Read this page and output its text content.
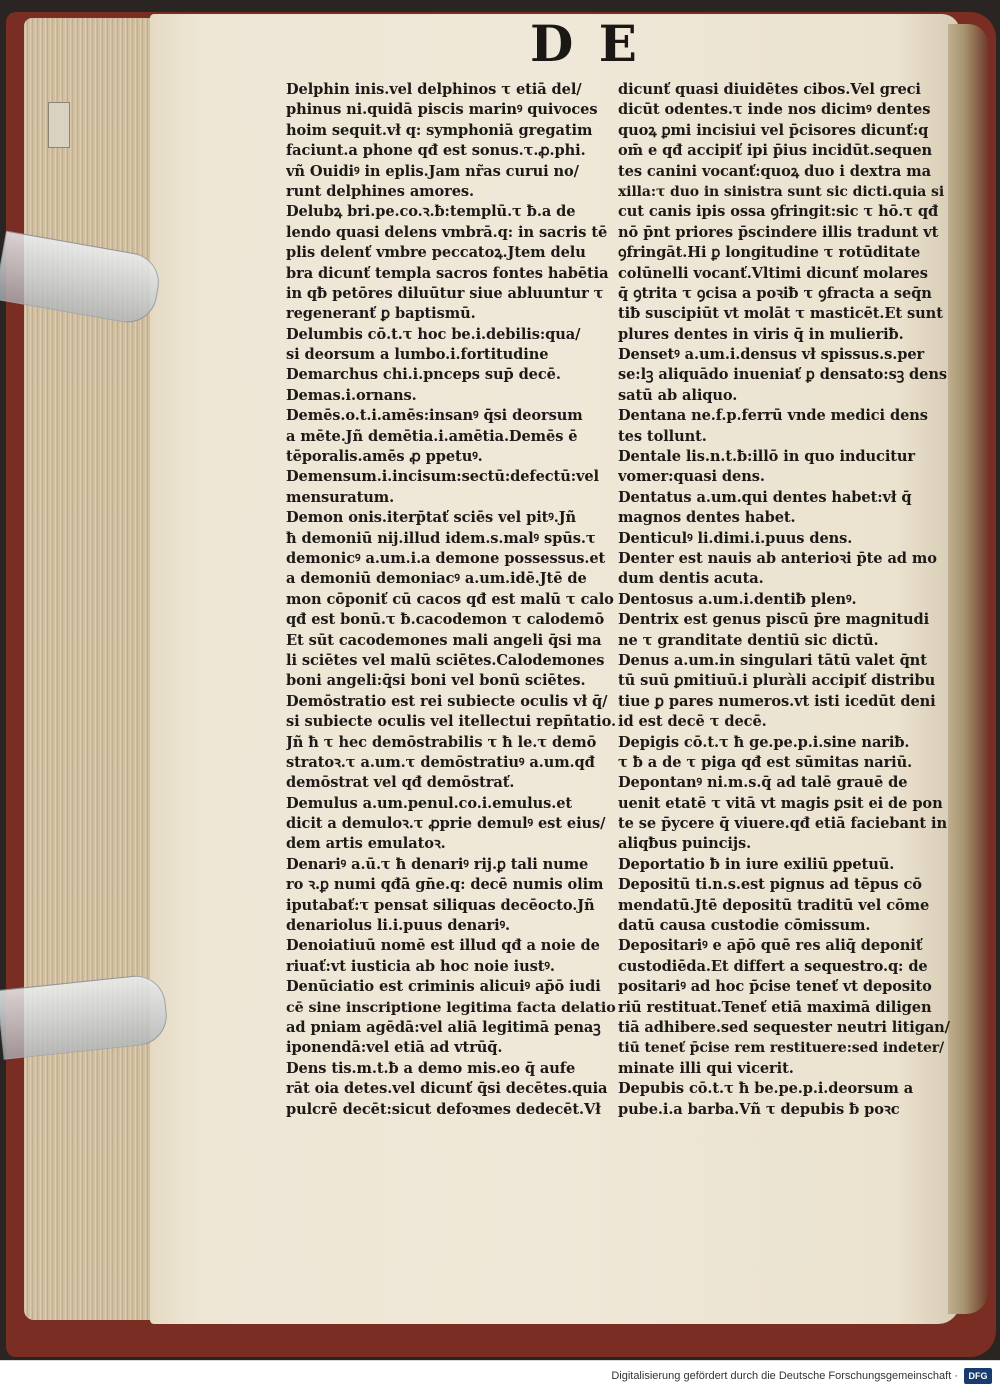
D E
Delphin inis.vel delphinos τ etiā del/
phinus ni.quidā piscis marinꝰ quivoces
hoim sequit.vł q: symphoniā gregatim
faciunt.a phone qđ est sonus.τ.ꝓ.phi.
vñ Ouidiꝰ in eplis.Jam nr̃as curui no/
runt delphines amores.
Delubꝝ bri.pe.co.ꝛ.ƀ:templū.τ ƀ.a de
lendo quasi delens vmbrā.q: in sacris tē
plis delenť vmbre peccatoꝝ.Jtem delu
bra dicunť templa sacros fontes habētia
in qƀ petōres diluūtur siue abluuntur τ
regeneranť ꝑ baptismū.
Delumbis cō.t.τ hoc be.i.debilis:qua/
si deorsum a lumbo.i.fortitudine
Demarchus chi.i.pnceps sup̄ decē.
Demas.i.ornans.
Demēs.o.t.i.amēs:insanꝰ q̄si deorsum
a mēte.Jñ demētia.i.amētia.Demēs ē
tēporalis.amēs ꝓ ppetuꝰ.
Demensum.i.incisum:sectū:defectū:vel
mensuratum.
Demon onis.iterp̄tať sciēs vel pitꝰ.Jñ
ħ demoniū nij.illud idem.s.malꝰ spūs.τ
demonicꝰ a.um.i.a demone possessus.et
a demoniū demoniacꝰ a.um.idē.Jtē de
mon cōponiť cū cacos qđ est malū τ calo
qđ est bonū.τ ƀ.cacodemon τ calodemō
Et sūt cacodemones mali angeli q̄si ma
li sciētes vel malū sciētes.Calodemones
boni angeli:q̄si boni vel bonū sciētes.
Demōstratio est rei subiecte oculis vł q̄/
si subiecte oculis vel itellectui repn̄tatio.
Jñ ħ τ hec demōstrabilis τ ħ le.τ demō
stratoꝛ.τ a.um.τ demōstratiuꝰ a.um.qđ
demōstrat vel qđ demōstrať.
Demulus a.um.penul.co.i.emulus.et
dicit a demuloꝛ.τ ꝓprie demulꝰ est eius/
dem artis emulatoꝛ.
Denariꝰ a.ū.τ ħ denariꝰ rij.ꝑ tali nume
ro ꝛ.ꝑ numi qđā gn̄e.q: decē numis olim
iputabať:τ pensat siliquas decēocto.Jñ
denariolus li.i.puus denariꝰ.
Denoiatiuū nomē est illud qđ a noie de
riuať:vt iusticia ab hoc noie iustꝰ.
Denūciatio est criminis alicuiꝰ ap̄ō iudi
cē sine inscriptione legitima facta delatio
ad pniam agēdā:vel aliā legitimā penaꝫ
iponendā:vel etiā ad vtrūq̄.
Dens tis.m.t.ƀ a demo mis.eo q̄ aufe
rāt oia detes.vel dicunť q̄si decētes.quia
pulcrē decēt:sicut defoꝛmes dedecēt.Vł
dicunť quasi diuidētes cibos.Vel greci
dicūt odentes.τ inde nos dicimꝰ dentes
quoꝝ ꝑmi incisiui vel p̄cisores dicunť:q
om̄ e qđ accipiť ipi p̄ius incidūt.sequen
tes canini vocanť:quoꝝ duo i dextra ma
xilla:τ duo in sinistra sunt sic dicti.quia si
cut canis ipis ossa ꝯfringit:sic τ hō.τ qđ
nō p̄nt priores p̄scindere illis tradunt vt
ꝯfringāt.Hi ꝑ longitudine τ rotūditate
colūnelli vocanť.Vltimi dicunť molares
q̄ ꝯtrita τ ꝯcisa a poꝛiƀ τ ꝯfracta a seq̄n
tiƀ suscipiūt vt molāt τ masticēt.Et sunt
plures dentes in viris q̄ in mulieriƀ.
Densetꝰ a.um.i.densus vł spissus.s.per
se:lꝫ aliquādo inueniať ꝑ densato:sꝫ dens
satū ab aliquo.
Dentana ne.f.p.ferrū vnde medici dens
tes tollunt.
Dentale lis.n.t.ƀ:illō in quo inducitur
vomer:quasi dens.
Dentatus a.um.qui dentes habet:vł q̄
magnos dentes habet.
Denticulꝰ li.dimi.i.puus dens.
Denter est nauis ab anterioꝛi p̄te ad mo
dum dentis acuta.
Dentosus a.um.i.dentiƀ plenꝰ.
Dentrix est genus piscū p̄re magnitudi
ne τ granditate dentiū sic dictū.
Denus a.um.in singulari tātū valet q̄nt
tū suū ꝑmitiuū.i pluràli accipiť distribu
tiue ꝑ pares numeros.vt isti icedūt deni
id est decē τ decē.
Depigis cō.t.τ ħ ge.pe.p.i.sine nariƀ.
τ ƀ a de τ piga qđ est sūmitas nariū.
Depontanꝰ ni.m.s.q̄ ad talē grauē de
uenit etatē τ vitā vt magis ꝑsit ei de pon
te se p̄ycere q̄ viuere.qđ etiā faciebant in
aliqƀus puincijs.
Deportatio ƀ in iure exiliū ꝑpetuū.
Depositū ti.n.s.est pignus ad tēpus cō
mendatū.Jtē depositū traditū vel cōme
datū causa custodie cōmissum.
Depositariꝰ e ap̄ō quē res aliq̄ deponiť
custodiēda.Et differt a sequestro.q: de
positariꝰ ad hoc p̄cise teneť vt deposito
riū restituat.Teneť etiā maximā diligen
tiā adhibere.sed sequester neutri litigan/
tiū teneť p̄cise rem restituere:sed indeter/
minate illi qui vicerit.
Depubis cō.t.τ ħ be.pe.p.i.deorsum a
pube.i.a barba.Vñ τ depubis ƀ poꝛc
Digitalisierung gefördert durch die Deutsche Forschungsgemeinschaft ·	DFG
